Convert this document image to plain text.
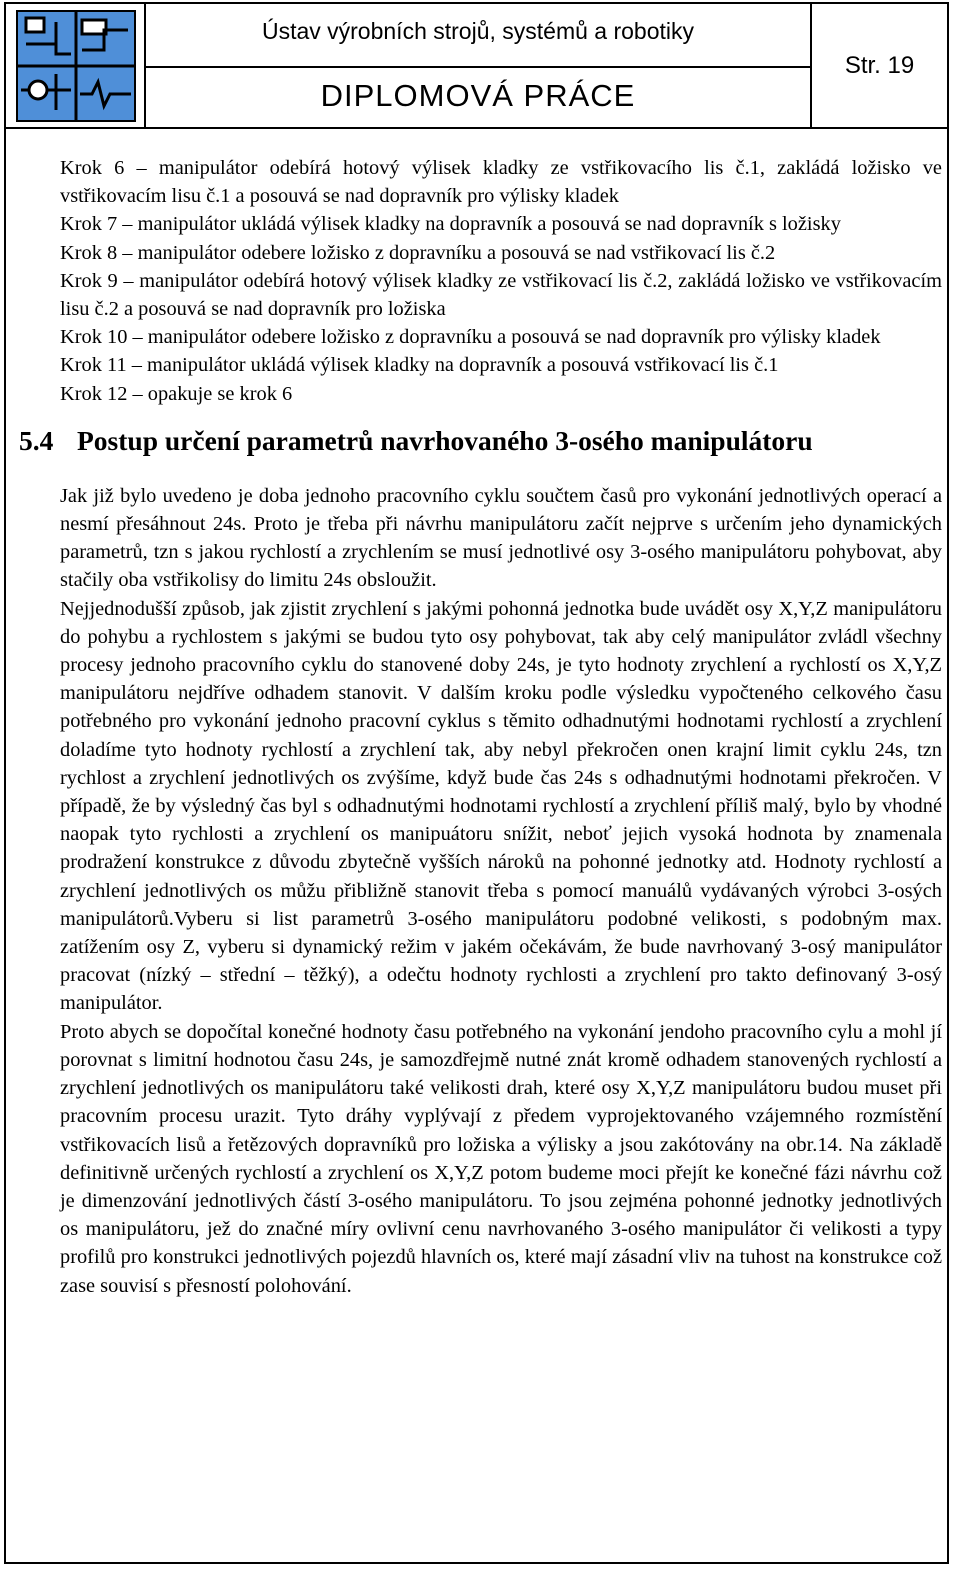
Ústav výrobních strojů, systémů a robotiky
DIPLOMOVÁ PRÁCE
Str. 19

Krok 6 – manipulátor odebírá hotový výlisek kladky ze vstřikovacího lis č.1, zakládá ložisko ve vstřikovacím lisu č.1 a posouvá se nad dopravník pro výlisky kladek

Krok 7 – manipulátor ukládá výlisek kladky na dopravník a posouvá se nad dopravník s ložisky

Krok 8 – manipulátor odebere ložisko z dopravníku a posouvá se nad vstřikovací lis č.2

Krok 9 – manipulátor odebírá hotový výlisek kladky ze vstřikovací lis č.2, zakládá ložisko ve vstřikovacím lisu č.2 a posouvá se nad dopravník pro ložiska

Krok 10 – manipulátor odebere ložisko z dopravníku a posouvá se nad dopravník pro výlisky kladek

Krok 11 – manipulátor ukládá výlisek kladky na dopravník a posouvá vstřikovací lis č.1

Krok 12 – opakuje se krok 6

5.4 Postup určení parametrů navrhovaného 3-osého manipulátoru

Jak již bylo uvedeno je doba jednoho pracovního cyklu součtem časů pro vykonání jednotlivých operací a nesmí přesáhnout 24s. Proto je třeba při návrhu manipulátoru začít nejprve s určením jeho dynamických parametrů, tzn s jakou rychlostí a zrychlením se musí jednotlivé osy 3-osého manipulátoru pohybovat, aby stačily oba vstřikolisy do limitu 24s obsloužit.

Nejjednodušší způsob, jak zjistit zrychlení s jakými pohonná jednotka bude uvádět osy X,Y,Z manipulátoru do pohybu a rychlostem s jakými se budou tyto osy pohybovat, tak aby celý manipulátor zvládl všechny procesy jednoho pracovního cyklu do stanovené doby 24s, je tyto hodnoty zrychlení a rychlostí os X,Y,Z manipulátoru nejdříve odhadem stanovit. V dalším kroku podle výsledku vypočteného celkového času potřebného pro vykonání jednoho pracovní cyklus s těmito odhadnutými hodnotami rychlostí a zrychlení doladíme tyto hodnoty rychlostí a zrychlení tak, aby nebyl překročen onen krajní limit cyklu 24s, tzn rychlost a zrychlení jednotlivých os zvýšíme, když bude čas 24s s odhadnutými hodnotami překročen. V případě, že by výsledný čas byl s odhadnutými hodnotami rychlostí a zrychlení příliš malý, bylo by vhodné naopak tyto rychlosti a zrychlení os manipuátoru snížit, neboť jejich vysoká hodnota by znamenala prodražení konstrukce z důvodu zbytečně vyšších nároků na pohonné jednotky atd. Hodnoty rychlostí a zrychlení jednotlivých os můžu přibližně stanovit třeba s pomocí manuálů vydávaných výrobci 3-osých manipulátorů.Vyberu si list parametrů 3-osého manipulátoru podobné velikosti, s podobným max. zatížením osy Z, vyberu si dynamický režim v jakém očekávám, že bude navrhovaný 3-osý manipulátor pracovat (nízký – střední – těžký), a odečtu hodnoty rychlosti a zrychlení pro takto definovaný 3-osý manipulátor.

Proto abych se dopočítal konečné hodnoty času potřebného na vykonání jendoho pracovního cylu a mohl jí porovnat s limitní hodnotou času 24s, je samozdřejmě nutné znát kromě odhadem stanovených rychlostí a zrychlení jednotlivých os manipulátoru také velikosti drah, které osy X,Y,Z manipulátoru budou muset při pracovním procesu urazit. Tyto dráhy vyplývají z předem vyprojektovaného vzájemného rozmístění vstřikovacích lisů a řetězových dopravníků pro ložiska a výlisky a jsou zakótovány na obr.14. Na základě definitivně určených rychlostí a zrychlení os X,Y,Z potom budeme moci přejít ke konečné fázi návrhu což je dimenzování jednotlivých částí 3-osého manipulátoru. To jsou zejména pohonné jednotky jednotlivých os manipulátoru, jež do značné míry ovlivní cenu navrhovaného 3-osého manipulátor či velikosti a typy profilů pro konstrukci jednotlivých pojezdů hlavních os, které mají zásadní vliv na tuhost na konstrukce což zase souvisí s přesností polohování.
